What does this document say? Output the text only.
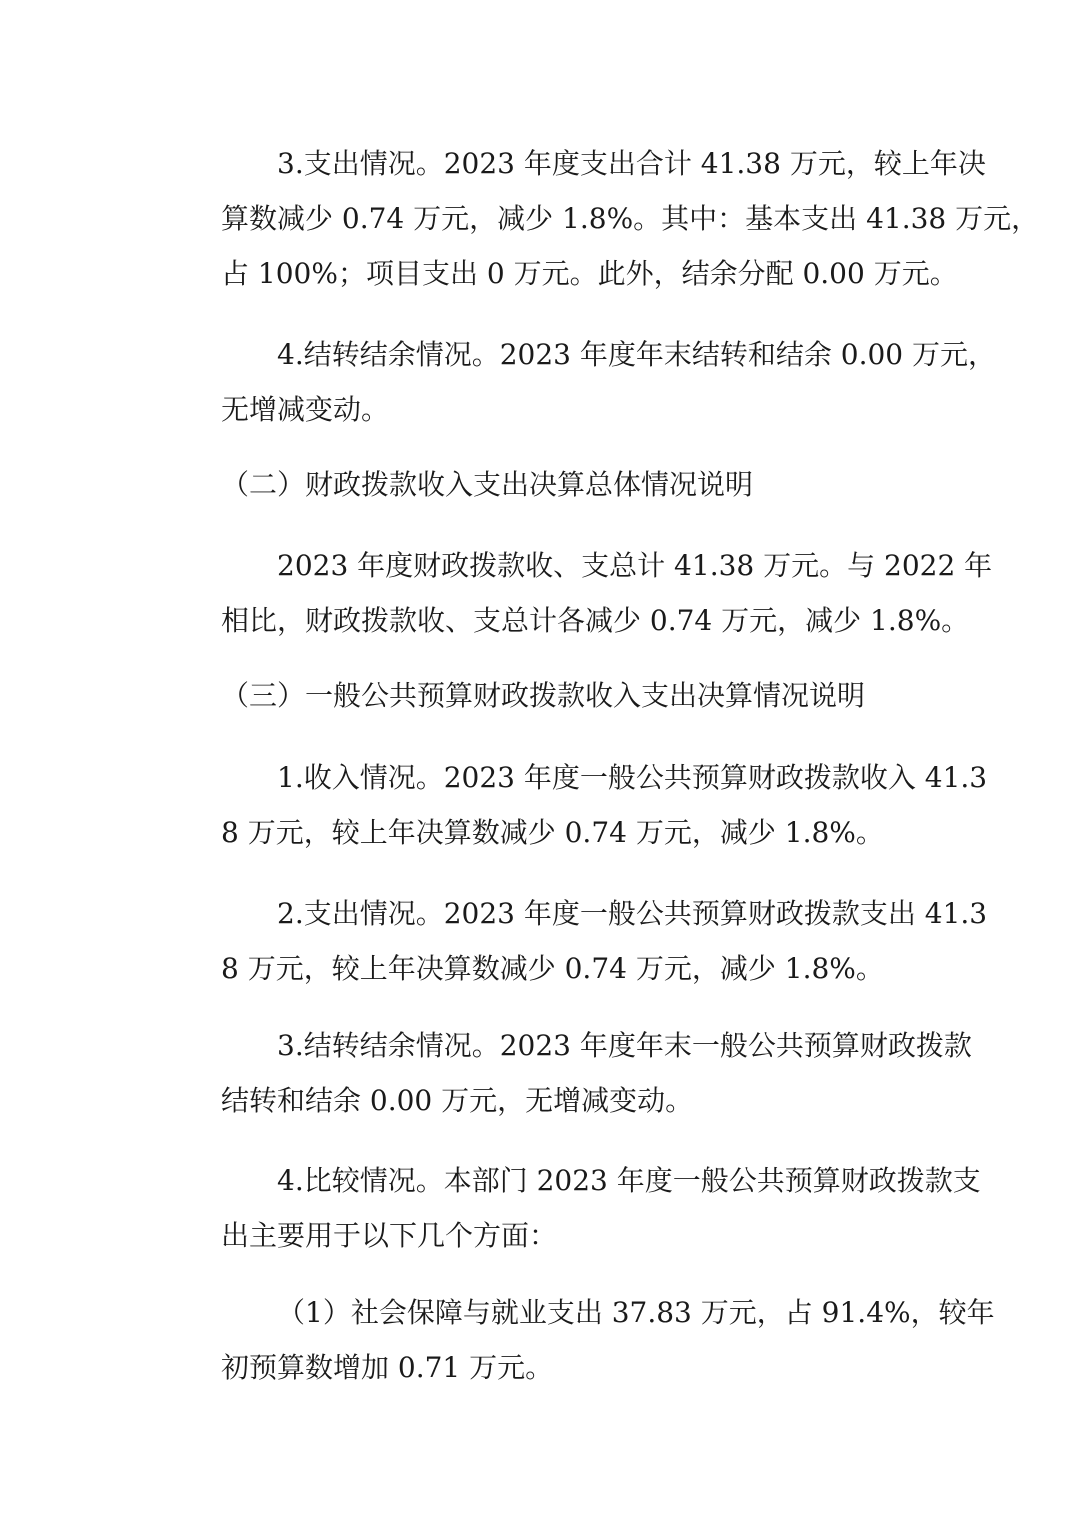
3.支出情况。2023 年度支出合计 41.38 万元，较上年决
算数减少 0.74 万元，减少 1.8%。其中：基本支出 41.38 万元，
占 100%；项目支出 0 万元。此外，结余分配 0.00 万元。

4.结转结余情况。2023 年度年末结转和结余 0.00 万元，
无增减变动。

（二）财政拨款收入支出决算总体情况说明

2023 年度财政拨款收、支总计 41.38 万元。与 2022 年
相比，财政拨款收、支总计各减少 0.74 万元，减少 1.8%。

（三）一般公共预算财政拨款收入支出决算情况说明

1.收入情况。2023 年度一般公共预算财政拨款收入 41.3
8 万元，较上年决算数减少 0.74 万元，减少 1.8%。

2.支出情况。2023 年度一般公共预算财政拨款支出 41.3
8 万元，较上年决算数减少 0.74 万元，减少 1.8%。

3.结转结余情况。2023 年度年末一般公共预算财政拨款
结转和结余 0.00 万元，无增减变动。

4.比较情况。本部门 2023 年度一般公共预算财政拨款支
出主要用于以下几个方面：

（1）社会保障与就业支出 37.83 万元，占 91.4%，较年
初预算数增加 0.71 万元。
